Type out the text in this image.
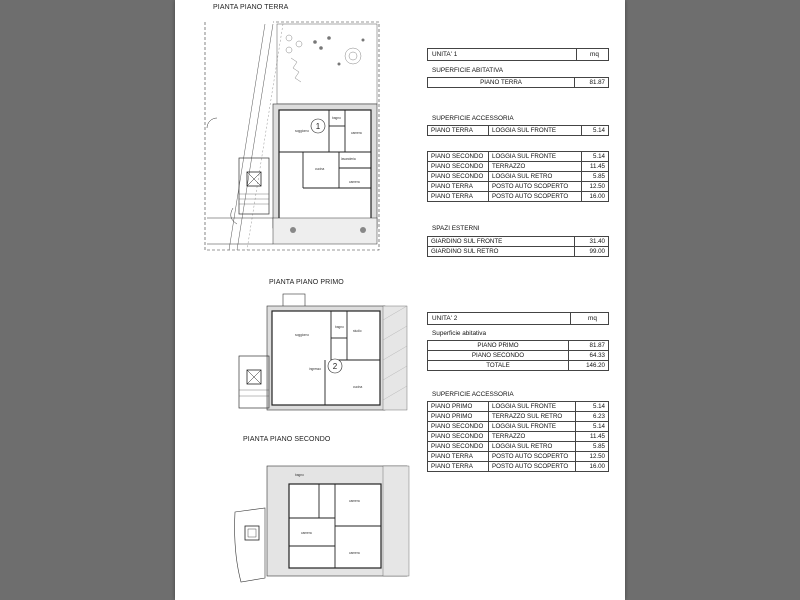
PIANTA PIANO TERRA
1
soggiorno
bagno
camera
cucina
camera
lavanderia
PIANTA PIANO PRIMO
2
soggiorno
bagno
studio
cucina
ingresso
PIANTA PIANO SECONDO
bagno
camera
camera
camera
UNITA' 1	mq
SUPERFICIE ABITATIVA
PIANO TERRA	81.87
SUPERFICIE ACCESSORIA
PIANO TERRA	LOGGIA SUL FRONTE	5.14
PIANO SECONDO	LOGGIA SUL FRONTE	5.14
PIANO SECONDO	TERRAZZO	11.45
PIANO SECONDO	LOGGIA SUL RETRO	5.85
PIANO TERRA	POSTO AUTO SCOPERTO	12.50
PIANO TERRA	POSTO AUTO SCOPERTO	16.00
SPAZI ESTERNI
GIARDINO SUL FRONTE	31.40
GIARDINO SUL RETRO	99.00
UNITA' 2	mq
Superficie abitativa
PIANO PRIMO	81.87
PIANO SECONDO	64.33
TOTALE	146.20
SUPERFICIE ACCESSORIA
PIANO PRIMO	LOGGIA SUL FRONTE	5.14
PIANO PRIMO	TERRAZZO SUL RETRO	6.23
PIANO SECONDO	LOGGIA SUL FRONTE	5.14
PIANO SECONDO	TERRAZZO	11.45
PIANO SECONDO	LOGGIA SUL RETRO	5.85
PIANO TERRA	POSTO AUTO SCOPERTO	12.50
PIANO TERRA	POSTO AUTO SCOPERTO	16.00
